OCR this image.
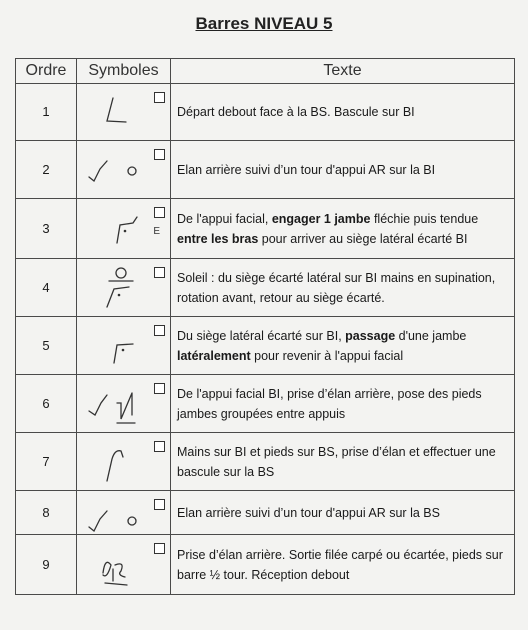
Barres NIVEAU 5
Ordre	Symboles	Texte
1		Départ debout face à la BS. Bascule sur BI
2		Elan arrière suivi d’un tour d'appui AR sur la BI
3	E	De l'appui facial, engager 1 jambe fléchie puis tendue entre les bras pour arriver au siège latéral écarté BI
4		Soleil : du siège écarté latéral sur BI mains en supination, rotation avant, retour au siège écarté.
5		Du siège latéral écarté sur BI, passage d'une jambe latéralement pour revenir à l'appui facial
6		De l'appui facial BI, prise d’élan arrière, pose des pieds jambes groupées entre appuis
7		Mains sur BI et pieds sur BS, prise d’élan et effectuer une bascule sur la BS
8		Elan arrière suivi d’un tour d'appui AR sur la BS
9		Prise d’élan arrière. Sortie filée carpé ou écartée, pieds sur barre ½ tour. Réception debout
